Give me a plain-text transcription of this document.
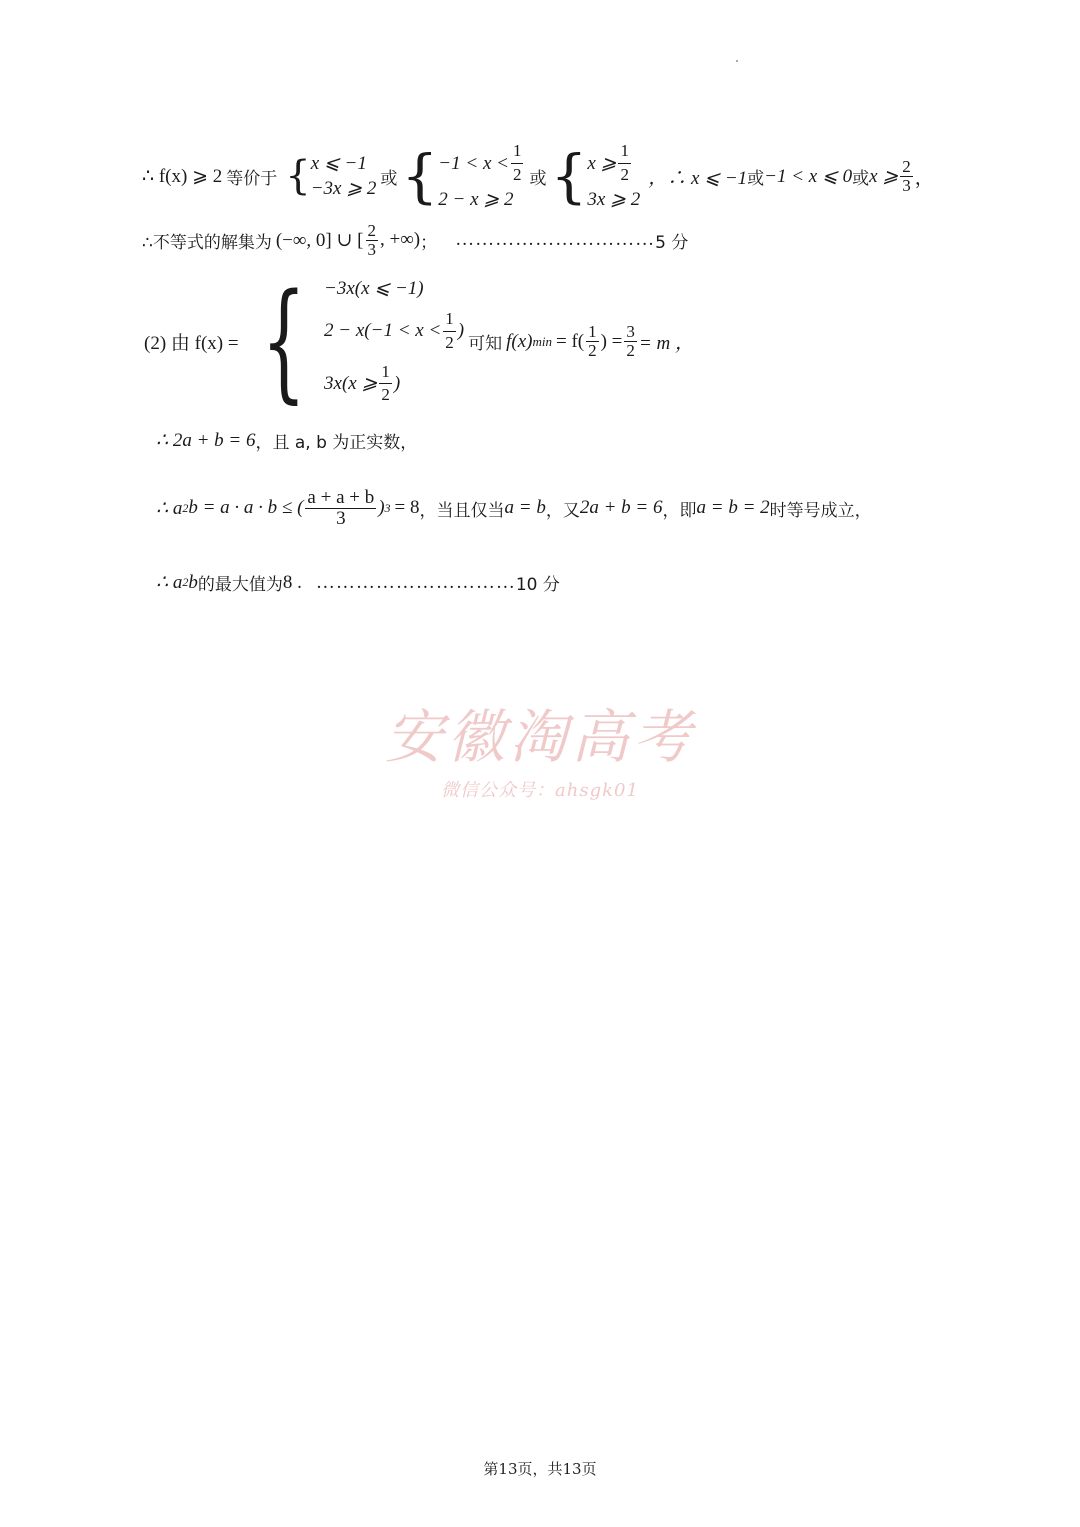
∴ f(x) ⩾ 2 等价于 { x ⩽ −1
−3x ⩾ 2 或 { $-1 < x < \frac{1}{2}$
2 − x ⩾ 2
或 { x ⩾ $\frac{1}{2}$
3x ⩾ 2
，∴ x ⩽ −1 或 −1 < x ⩽ 0 或 x ⩾ $\frac{2}{3}$ ，
∴不等式的解集为 (−∞, 0] ∪ [ $\frac{2}{3}$ , +∞) ； ………………………… 5 分
(2) 由 f(x) = { −3x(x ⩽ −1)
$2 - x(-1 < x < \frac{1}{2}$ )
3x(x ⩾ $\frac{1}{2}$ )
可知 f(x) $\min = f( \frac{1}{2}$ ) = $\frac{3}{2} = m$ ，
∴ 2a + b = 6 ，且 a, b 为正实数，
∴ a 2 b = a · a · b ≤ ( $\frac{a + a + b}{3}$ ) 3 = 8 ，当且仅当 a = b ，又 2a + b = 6 ，即 a = b = 2 时等号成立，
∴ a 2 b 的最大值为 8 . ………………………… 10 分
安徽淘高考
微信公众号：ahsgk01
第13页，共13页
